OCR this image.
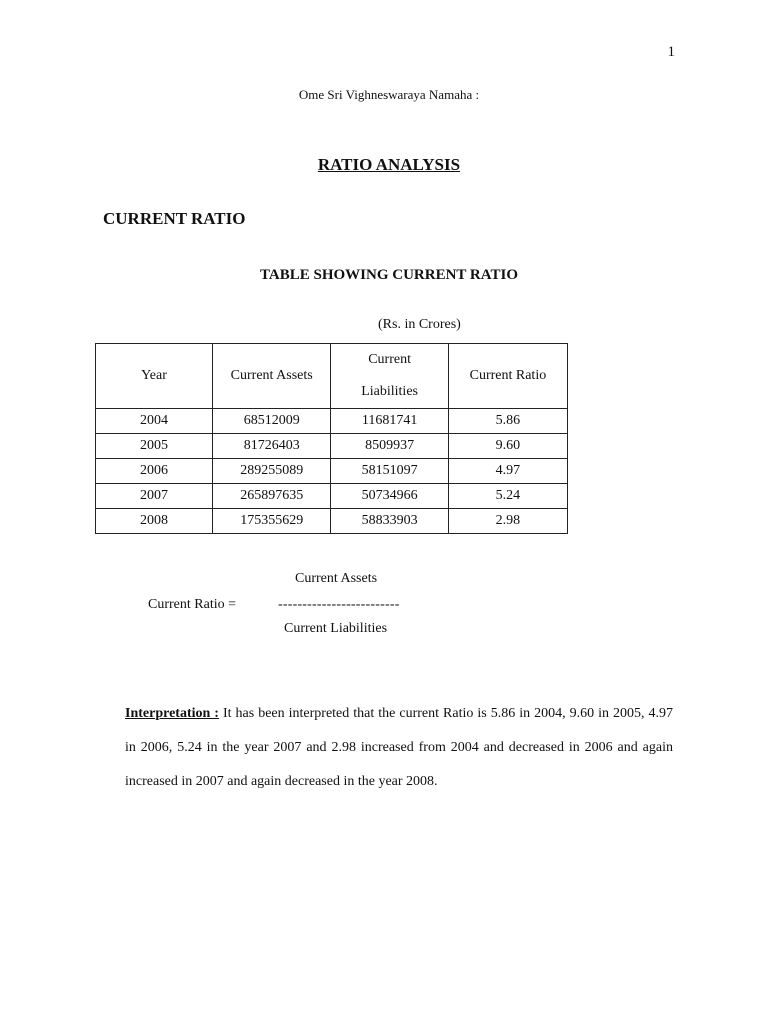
1
Ome Sri Vighneswaraya Namaha :
RATIO ANALYSIS
CURRENT RATIO
TABLE SHOWING CURRENT RATIO
(Rs. in Crores)
Year	Current Assets	Current Liabilities	Current Ratio
2004	68512009	11681741	5.86
2005	81726403	8509937	9.60
2006	289255089	58151097	4.97
2007	265897635	50734966	5.24
2008	175355629	58833903	2.98
Current Assets
Current Ratio =	-------------------------
Current Liabilities
Interpretation : It has been interpreted that the current Ratio is 5.86 in 2004, 9.60 in 2005, 4.97 in 2006, 5.24 in the year 2007 and 2.98 increased from 2004 and decreased in 2006 and again increased in 2007 and again decreased in the year 2008.
